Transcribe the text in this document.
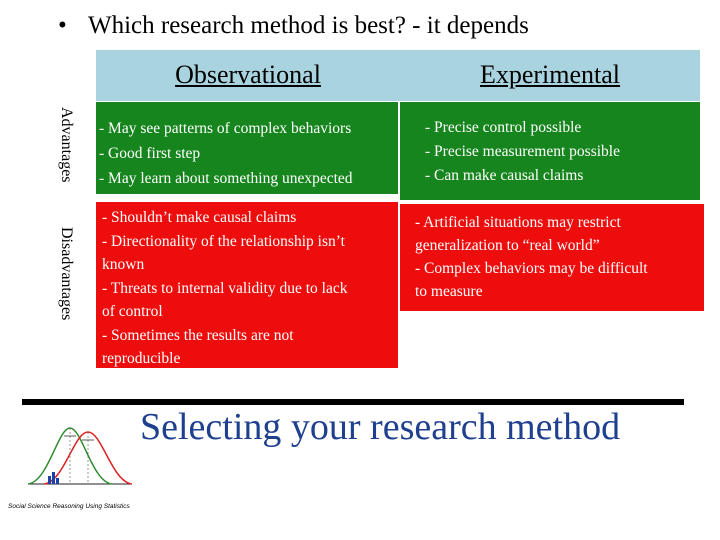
• Which research method is best? - it depends
Observational	Experimental
Advantages
Disadvantages
- May see patterns of complex behaviors
- Good first step
- May learn about something unexpected
- Precise control possible
- Precise measurement possible
- Can make causal claims
- Shouldn’t make causal claims
- Directionality of the relationship isn’t
known
- Threats to internal validity due to lack
of control
- Sometimes the results are not
reproducible
- Artificial situations may restrict
generalization to “real world”
- Complex behaviors may be difficult
to measure
Social Science Reasoning Using Statistics
Selecting your research method
